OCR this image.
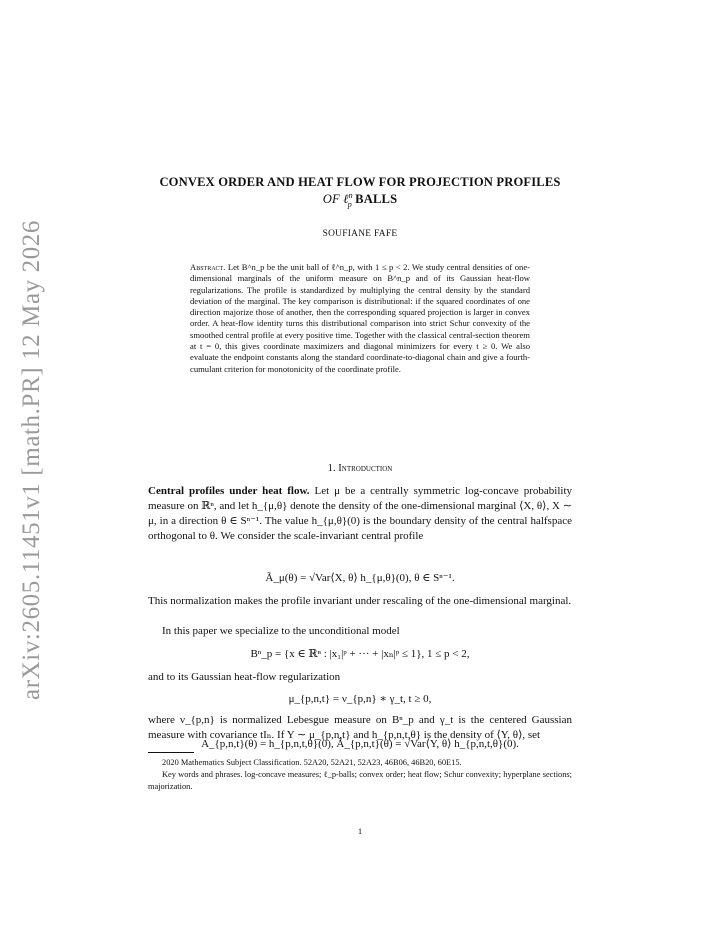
arXiv:2605.11451v1 [math.PR] 12 May 2026
CONVEX ORDER AND HEAT FLOW FOR PROJECTION PROFILES
OF ℓ$^n_p$ BALLS
SOUFIANE FAFE
Abstract. Let B^n_p be the unit ball of ℓ^n_p, with 1 ≤ p < 2. We study central densities of one-dimensional marginals of the uniform measure on B^n_p and of its Gaussian heat-flow regularizations. The profile is standardized by multiplying the central density by the standard deviation of the marginal. The key comparison is distributional: if the squared coordinates of one direction majorize those of another, then the corresponding squared projection is larger in convex order. A heat-flow identity turns this distributional comparison into strict Schur convexity of the smoothed central profile at every positive time. Together with the classical central-section theorem at t = 0, this gives coordinate maximizers and diagonal minimizers for every t ≥ 0. We also evaluate the endpoint constants along the standard coordinate-to-diagonal chain and give a fourth-cumulant criterion for monotonicity of the coordinate profile.
1. Introduction
Central profiles under heat flow. Let μ be a centrally symmetric log-concave probability measure on ℝⁿ, and let h_{μ,θ} denote the density of the one-dimensional marginal ⟨X, θ⟩, X ∼ μ, in a direction θ ∈ Sⁿ⁻¹. The value h_{μ,θ}(0) is the boundary density of the central halfspace orthogonal to θ. We consider the scale-invariant central profile
Ã_μ(θ) = √Var⟨X, θ⟩ h_{μ,θ}(0), θ ∈ Sⁿ⁻¹.
This normalization makes the profile invariant under rescaling of the one-dimensional marginal.
In this paper we specialize to the unconditional model
Bⁿ_p = {x ∈ ℝⁿ : |x₁|ᵖ + ··· + |xₙ|ᵖ ≤ 1}, 1 ≤ p < 2,
and to its Gaussian heat-flow regularization
μ_{p,n,t} = ν_{p,n} ∗ γ_t, t ≥ 0,
where ν_{p,n} is normalized Lebesgue measure on Bⁿ_p and γ_t is the centered Gaussian measure with covariance tIₙ. If Y ∼ μ_{p,n,t} and h_{p,n,t,θ} is the density of ⟨Y, θ⟩, set
A_{p,n,t}(θ) = h_{p,n,t,θ}(0), Ã_{p,n,t}(θ) = √Var⟨Y, θ⟩ h_{p,n,t,θ}(0).
2020 Mathematics Subject Classification. 52A20, 52A21, 52A23, 46B06, 46B20, 60E15.
Key words and phrases. log-concave measures; ℓ_p-balls; convex order; heat flow; Schur convexity; hyperplane sections; majorization.
1
